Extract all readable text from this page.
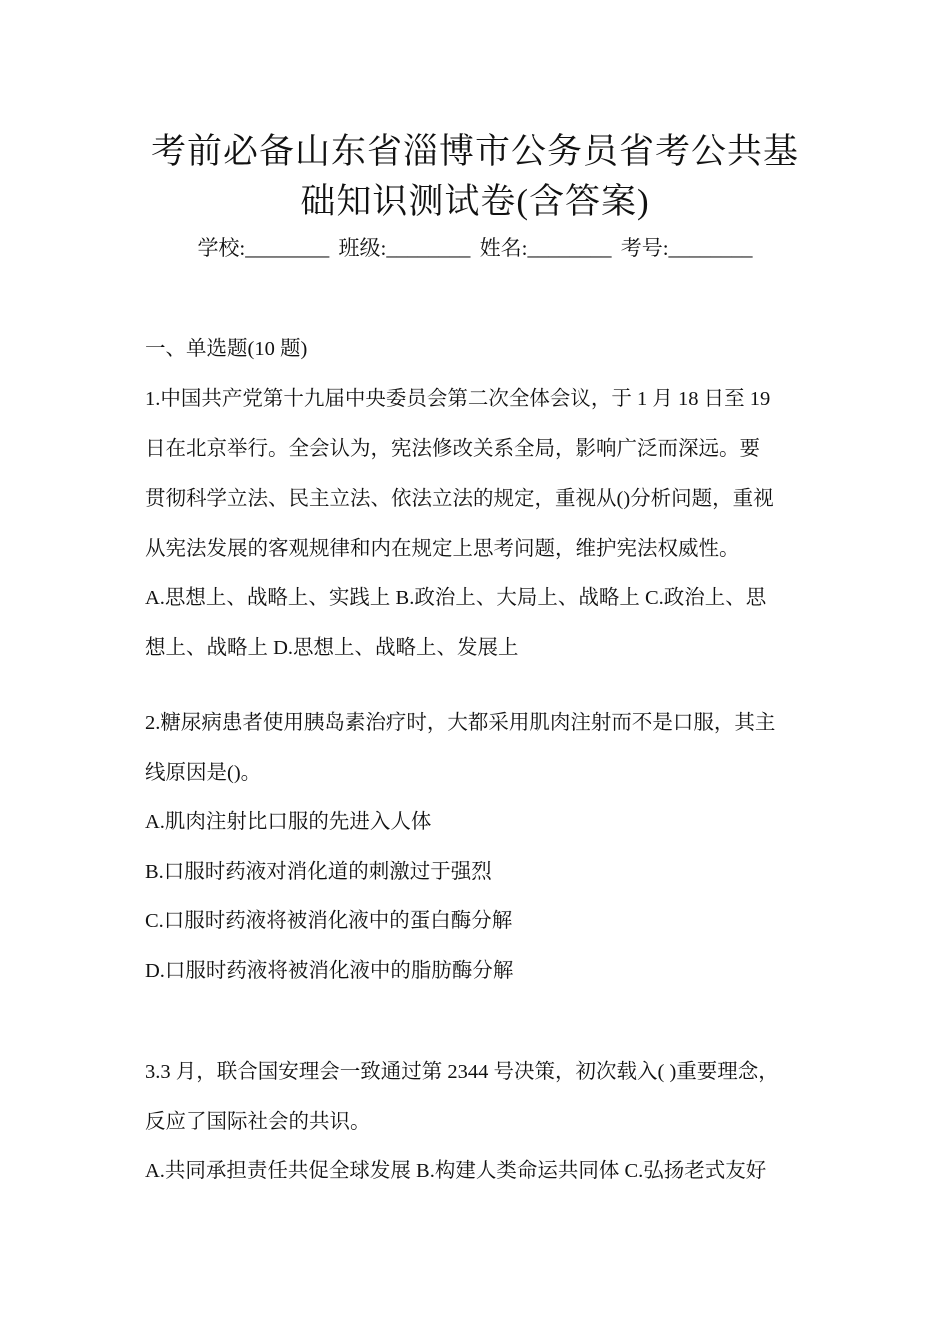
考前必备山东省淄博市公务员省考公共基
础知识测试卷(含答案)
学校:________ 班级:________ 姓名:________ 考号:________
一、单选题(10 题)
1.中国共产党第十九届中央委员会第二次全体会议，于 1 月 18 日至 19
日在北京举行。全会认为，宪法修改关系全局，影响广泛而深远。要
贯彻科学立法、民主立法、依法立法的规定，重视从()分析问题，重视
从宪法发展的客观规律和内在规定上思考问题，维护宪法权威性。
A.思想上、战略上、实践上 B.政治上、大局上、战略上 C.政治上、思
想上、战略上 D.思想上、战略上、发展上
2.糖尿病患者使用胰岛素治疗时，大都采用肌肉注射而不是口服，其主
线原因是()。
A.肌肉注射比口服的先进入人体
B.口服时药液对消化道的刺激过于强烈
C.口服时药液将被消化液中的蛋白酶分解
D.口服时药液将被消化液中的脂肪酶分解
3.3 月，联合国安理会一致通过第 2344 号决策，初次载入( )重要理念，
反应了国际社会的共识。
A.共同承担责任共促全球发展 B.构建人类命运共同体 C.弘扬老式友好
